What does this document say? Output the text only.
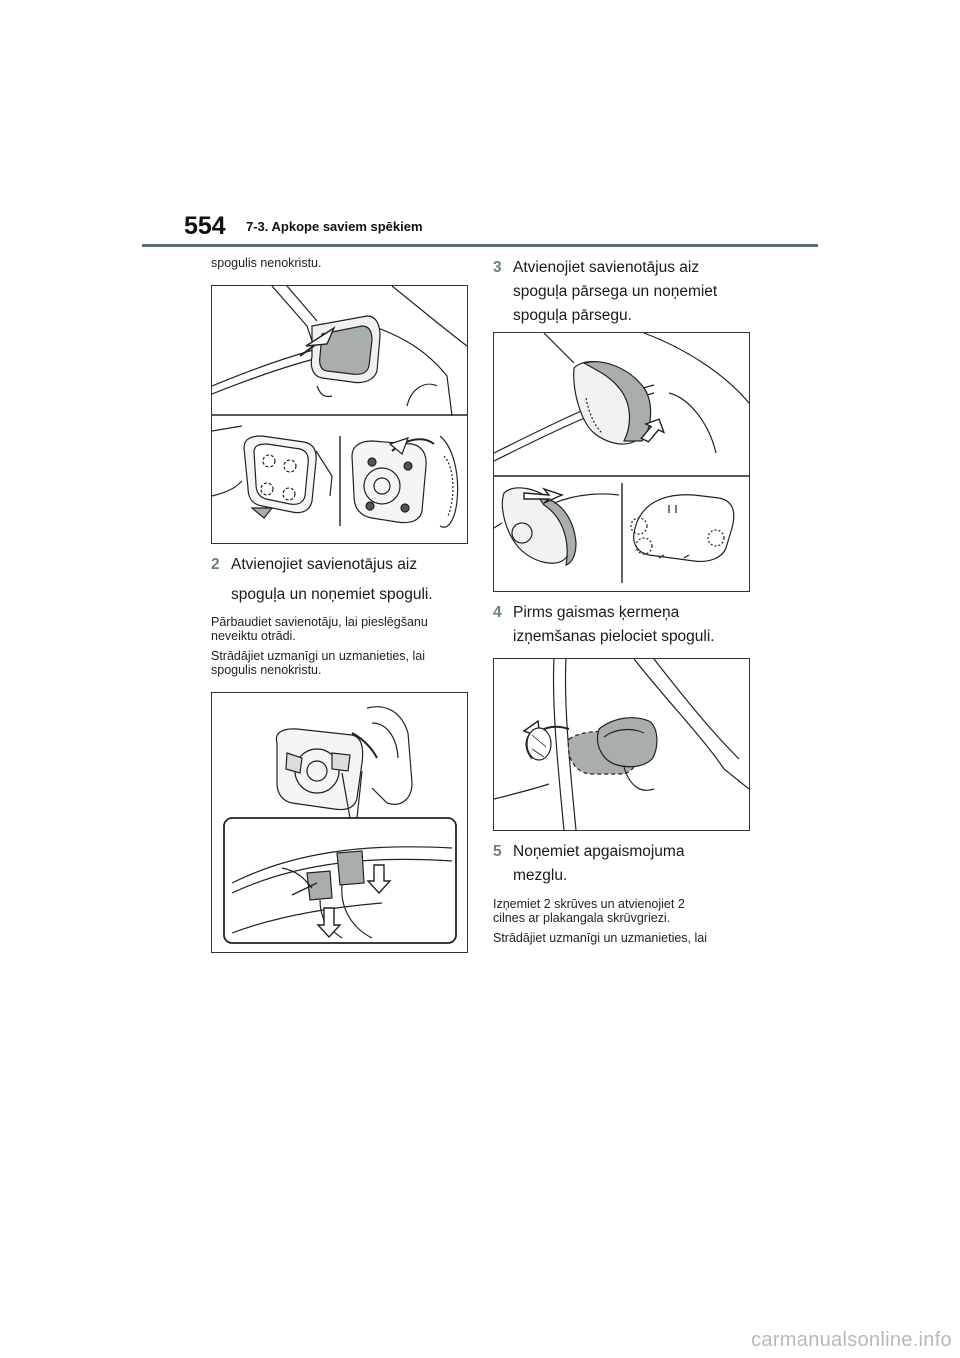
554 7-3. Apkope saviem spēkiem

spogulis nenokristu.

2 Atvienojiet savienotājus aiz
spoguļa un noņemiet spoguli.

Pārbaudiet savienotāju, lai pieslēgšanu

neveiktu otrādi.

Strādājiet uzmanīgi un uzmanieties, lai

spogulis nenokristu.

3 Atvienojiet savienotājus aiz
spoguļa pārsega un noņemiet
spoguļa pārsegu.
4 Pirms gaismas ķermeņa
izņemšanas pielociet spoguli.
5 Noņemiet apgaismojuma
mezglu.

Izņemiet 2 skrūves un atvienojiet 2

cilnes ar plakangala skrūvgriezi.

Strādājiet uzmanīgi un uzmanieties, lai

carmanualsonline.info
